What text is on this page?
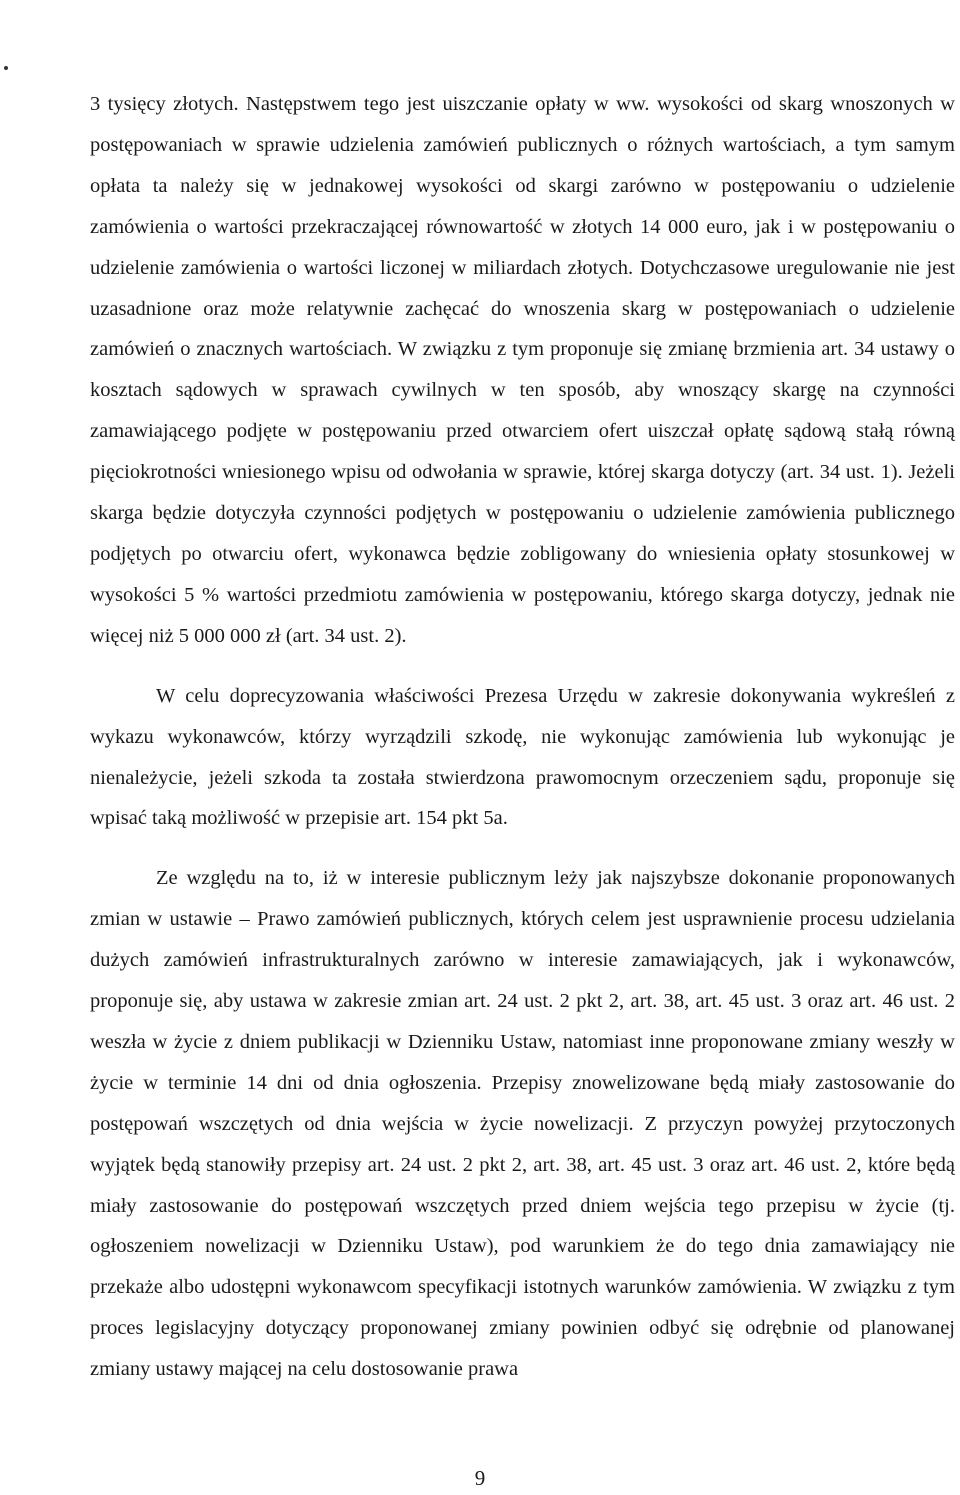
3 tysięcy złotych. Następstwem tego jest uiszczanie opłaty w ww. wysokości od skarg wnoszonych w postępowaniach w sprawie udzielenia zamówień publicznych o różnych wartościach, a tym samym opłata ta należy się w jednakowej wysokości od skargi zarówno w postępowaniu o udzielenie zamówienia o wartości przekraczającej równowartość w złotych 14 000 euro, jak i w postępowaniu o udzielenie zamówienia o wartości liczonej w miliardach złotych. Dotychczasowe uregulowanie nie jest uzasadnione oraz może relatywnie zachęcać do wnoszenia skarg w postępowaniach o udzielenie zamówień o znacznych wartościach. W związku z tym proponuje się zmianę brzmienia art. 34 ustawy o kosztach sądowych w sprawach cywilnych w ten sposób, aby wnoszący skargę na czynności zamawiającego podjęte w postępowaniu przed otwarciem ofert uiszczał opłatę sądową stałą równą pięciokrotności wniesionego wpisu od odwołania w sprawie, której skarga dotyczy (art. 34 ust. 1). Jeżeli skarga będzie dotyczyła czynności podjętych w postępowaniu o udzielenie zamówienia publicznego podjętych po otwarciu ofert, wykonawca będzie zobligowany do wniesienia opłaty stosunkowej w wysokości 5 % wartości przedmiotu zamówienia w postępowaniu, którego skarga dotyczy, jednak nie więcej niż 5 000 000 zł (art. 34 ust. 2).

W celu doprecyzowania właściwości Prezesa Urzędu w zakresie dokonywania wykreśleń z wykazu wykonawców, którzy wyrządzili szkodę, nie wykonując zamówienia lub wykonując je nienależycie, jeżeli szkoda ta została stwierdzona prawomocnym orzeczeniem sądu, proponuje się wpisać taką możliwość w przepisie art. 154 pkt 5a.

Ze względu na to, iż w interesie publicznym leży jak najszybsze dokonanie proponowanych zmian w ustawie – Prawo zamówień publicznych, których celem jest usprawnienie procesu udzielania dużych zamówień infrastrukturalnych zarówno w interesie zamawiających, jak i wykonawców, proponuje się, aby ustawa w zakresie zmian art. 24 ust. 2 pkt 2, art. 38, art. 45 ust. 3 oraz art. 46 ust. 2 weszła w życie z dniem publikacji w Dzienniku Ustaw, natomiast inne proponowane zmiany weszły w życie w terminie 14 dni od dnia ogłoszenia. Przepisy znowelizowane będą miały zastosowanie do postępowań wszczętych od dnia wejścia w życie nowelizacji. Z przyczyn powyżej przytoczonych wyjątek będą stanowiły przepisy art. 24 ust. 2 pkt 2, art. 38, art. 45 ust. 3 oraz art. 46 ust. 2, które będą miały zastosowanie do postępowań wszczętych przed dniem wejścia tego przepisu w życie (tj. ogłoszeniem nowelizacji w Dzienniku Ustaw), pod warunkiem że do tego dnia zamawiający nie przekaże albo udostępni wykonawcom specyfikacji istotnych warunków zamówienia. W związku z tym proces legislacyjny dotyczący proponowanej zmiany powinien odbyć się odrębnie od planowanej zmiany ustawy mającej na celu dostosowanie prawa

9
